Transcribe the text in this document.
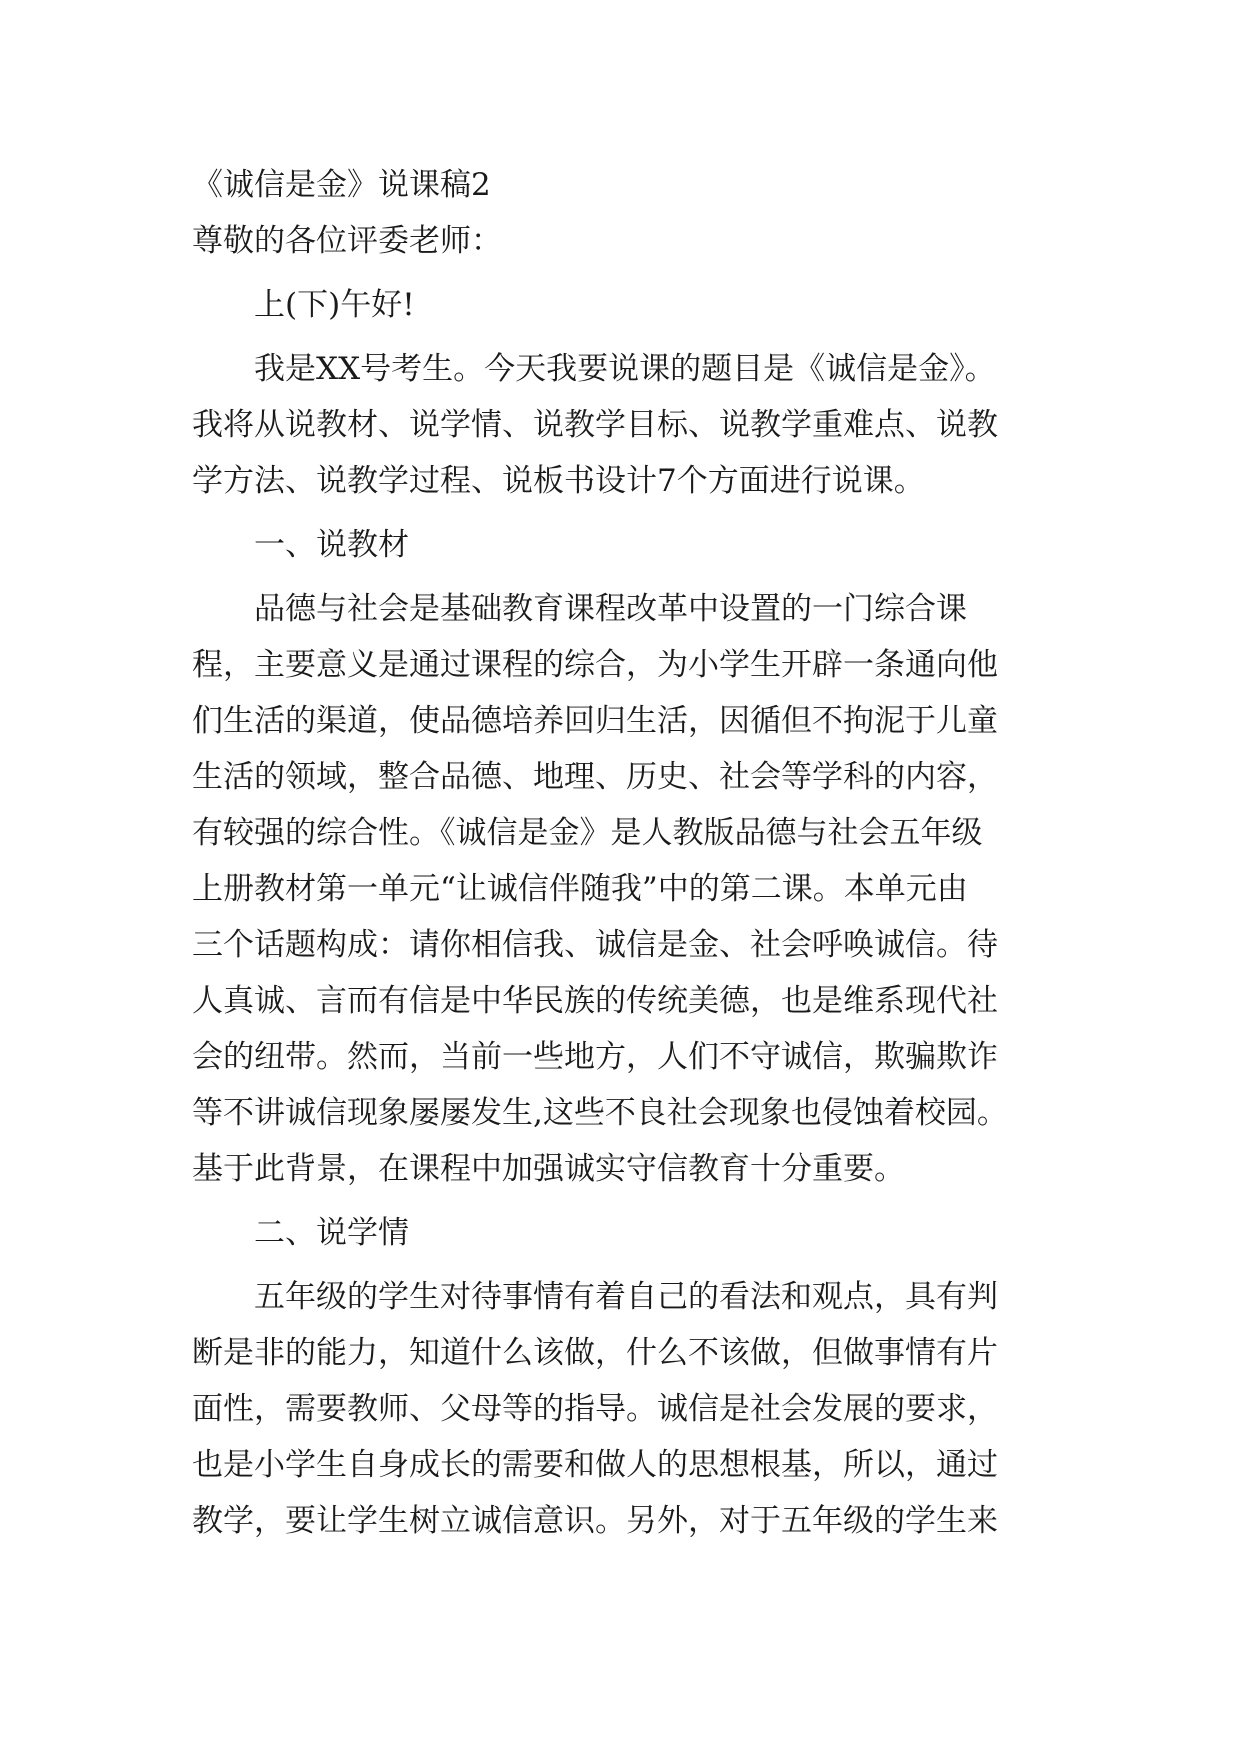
《诚信是金》说课稿2
尊敬的各位评委老师：
上(下)午好!
我是XX号考生。今天我要说课的题目是《诚信是金》。
我将从说教材、说学情、说教学目标、说教学重难点、说教
学方法、说教学过程、说板书设计7个方面进行说课。
一、说教材
品德与社会是基础教育课程改革中设置的一门综合课
程，主要意义是通过课程的综合，为小学生开辟一条通向他
们生活的渠道，使品德培养回归生活，因循但不拘泥于儿童
生活的领域，整合品德、地理、历史、社会等学科的内容，
有较强的综合性。《诚信是金》是人教版品德与社会五年级
上册教材第一单元“让诚信伴随我”中的第二课。本单元由
三个话题构成：请你相信我、诚信是金、社会呼唤诚信。待
人真诚、言而有信是中华民族的传统美德，也是维系现代社
会的纽带。然而，当前一些地方，人们不守诚信，欺骗欺诈
等不讲诚信现象屡屡发生,这些不良社会现象也侵蚀着校园。
基于此背景，在课程中加强诚实守信教育十分重要。
二、说学情
五年级的学生对待事情有着自己的看法和观点，具有判
断是非的能力，知道什么该做，什么不该做，但做事情有片
面性，需要教师、父母等的指导。诚信是社会发展的要求，
也是小学生自身成长的需要和做人的思想根基，所以，通过
教学，要让学生树立诚信意识。另外，对于五年级的学生来
